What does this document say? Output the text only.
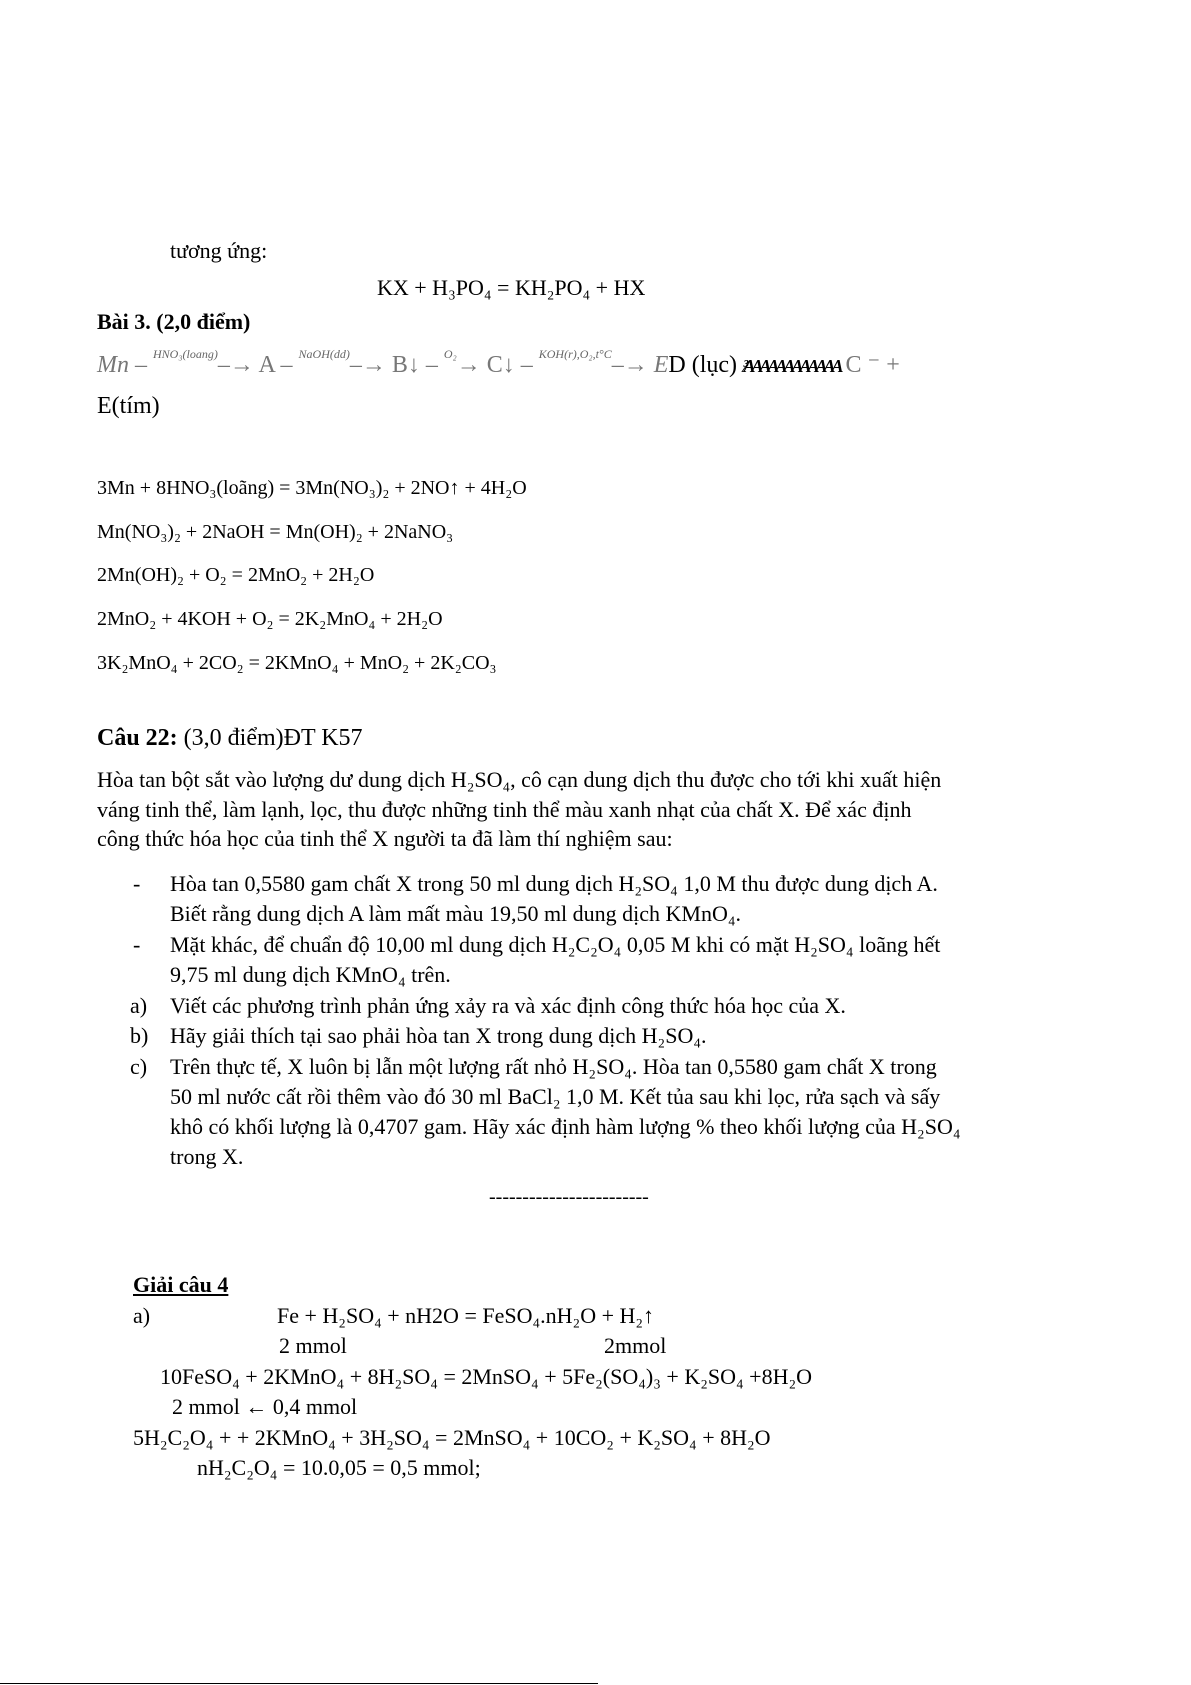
tương ứng:
KX + H₃PO₄ = KH₂PO₄ + HX
Bài 3. (2,0 điểm)
Mn – $^{HNO_3(loang)}$–→ A – $^{NaOH(dd)}$–→ B↓ – $^{O_2}$→ C↓ – $^{KOH(r),O_2,t^\circ C}$–→ ED (lục) ³⁄AAAAAAAAAAAA C ⁻ +
E(tím)
3Mn + 8HNO₃(loãng) = 3Mn(NO₃)₂ + 2NO↑ + 4H₂O
Mn(NO₃)₂ + 2NaOH = Mn(OH)₂ + 2NaNO₃
2Mn(OH)₂ + O₂ = 2MnO₂ + 2H₂O
2MnO₂ + 4KOH + O₂ = 2K₂MnO₄ + 2H₂O
3K₂MnO₄ + 2CO₂ = 2KMnO₄ + MnO₂ + 2K₂CO₃
Câu 22: (3,0 điểm)ĐT K57
Hòa tan bột sắt vào lượng dư dung dịch H₂SO₄, cô cạn dung dịch thu được cho tới khi xuất hiện
váng tinh thể, làm lạnh, lọc, thu được những tinh thể màu xanh nhạt của chất X. Để xác định
công thức hóa học của tinh thể X người ta đã làm thí nghiệm sau:
- Hòa tan 0,5580 gam chất X trong 50 ml dung dịch H₂SO₄ 1,0 M thu được dung dịch A.
Biết rằng dung dịch A làm mất màu 19,50 ml dung dịch KMnO₄.
- Mặt khác, để chuẩn độ 10,00 ml dung dịch H₂C₂O₄ 0,05 M khi có mặt H₂SO₄ loãng hết
9,75 ml dung dịch KMnO₄ trên.
a) Viết các phương trình phản ứng xảy ra và xác định công thức hóa học của X.
b) Hãy giải thích tại sao phải hòa tan X trong dung dịch H₂SO₄.
c) Trên thực tế, X luôn bị lẫn một lượng rất nhỏ H₂SO₄. Hòa tan 0,5580 gam chất X trong
50 ml nước cất rồi thêm vào đó 30 ml BaCl₂ 1,0 M. Kết tủa sau khi lọc, rửa sạch và sấy
khô có khối lượng là 0,4707 gam. Hãy xác định hàm lượng % theo khối lượng của H₂SO₄
trong X.
------------------------
Giải câu 4
a)	Fe + H₂SO₄ + nH2O = FeSO₄.nH₂O + H₂↑
2 mmol	2mmol
10FeSO₄ + 2KMnO₄ + 8H₂SO₄ = 2MnSO₄ + 5Fe₂(SO₄)₃ + K₂SO₄ +8H₂O
2 mmol ← 0,4 mmol
5H₂C₂O₄ + + 2KMnO₄ + 3H₂SO₄ = 2MnSO₄ + 10CO₂ + K₂SO₄ + 8H₂O
nH₂C₂O₄ = 10.0,05 = 0,5 mmol;
